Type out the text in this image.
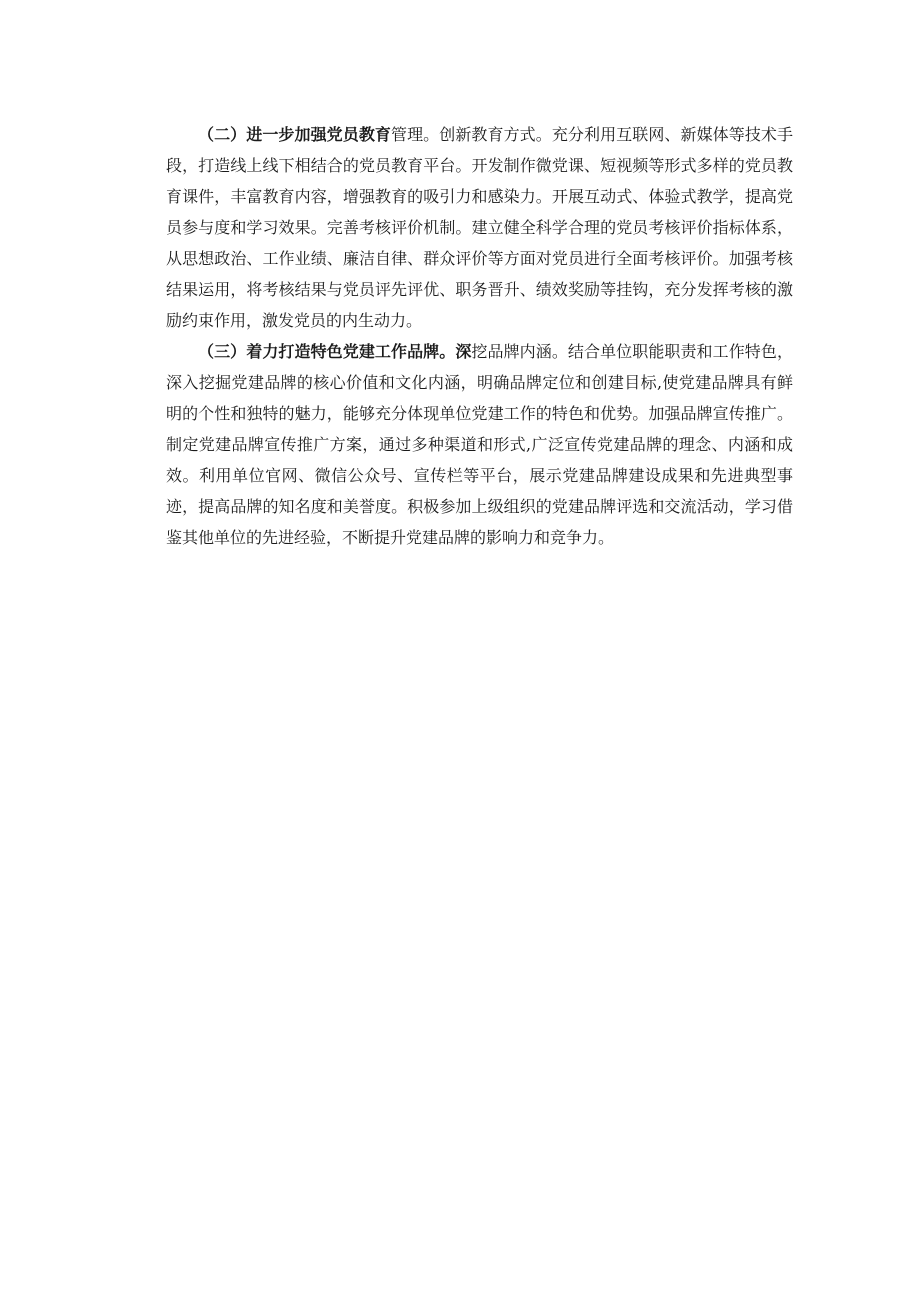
（二）进一步加强党员教育管理。创新教育方式。充分利用互联网、新媒体等技术手段，打造线上线下相结合的党员教育平台。开发制作微党课、短视频等形式多样的党员教育课件，丰富教育内容，增强教育的吸引力和感染力。开展互动式、体验式教学，提高党员参与度和学习效果。完善考核评价机制。建立健全科学合理的党员考核评价指标体系，从思想政治、工作业绩、廉洁自律、群众评价等方面对党员进行全面考核评价。加强考核结果运用，将考核结果与党员评先评优、职务晋升、绩效奖励等挂钩，充分发挥考核的激励约束作用，激发党员的内生动力。

（三）着力打造特色党建工作品牌。深挖品牌内涵。结合单位职能职责和工作特色，深入挖掘党建品牌的核心价值和文化内涵，明确品牌定位和创建目标,使党建品牌具有鲜明的个性和独特的魅力，能够充分体现单位党建工作的特色和优势。加强品牌宣传推广。制定党建品牌宣传推广方案，通过多种渠道和形式,广泛宣传党建品牌的理念、内涵和成效。利用单位官网、微信公众号、宣传栏等平台，展示党建品牌建设成果和先进典型事迹，提高品牌的知名度和美誉度。积极参加上级组织的党建品牌评选和交流活动，学习借鉴其他单位的先进经验，不断提升党建品牌的影响力和竞争力。
